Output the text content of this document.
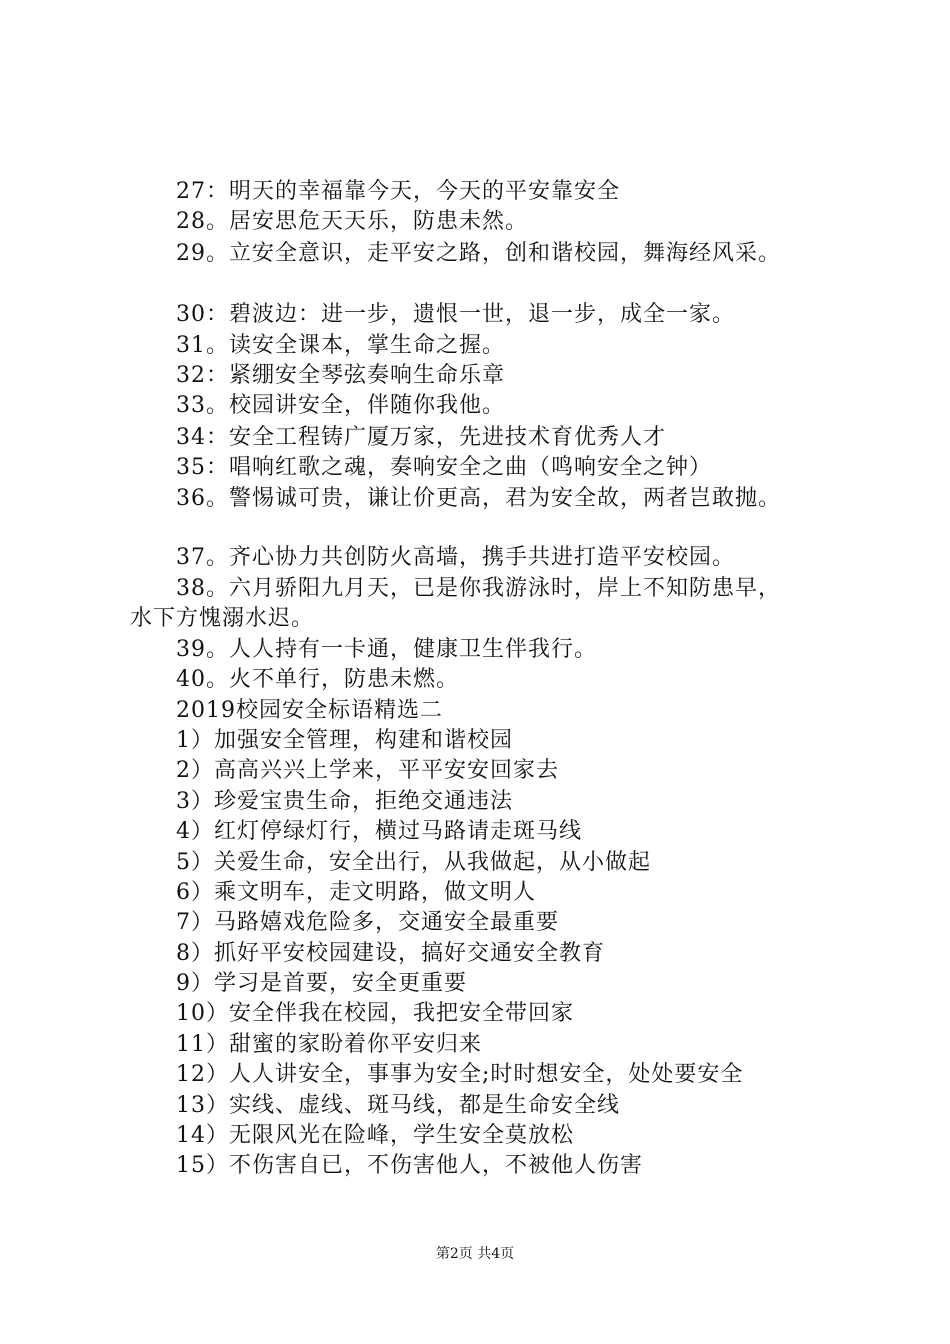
27：明天的幸福靠今天，今天的平安靠安全
28。居安思危天天乐，防患未然。
29。立安全意识，走平安之路，创和谐校园，舞海经风采。
30：碧波边：进一步，遗恨一世，退一步，成全一家。
31。读安全课本，掌生命之握。
32：紧绷安全琴弦奏响生命乐章
33。校园讲安全，伴随你我他。
34：安全工程铸广厦万家，先进技术育优秀人才
35：唱响红歌之魂，奏响安全之曲（鸣响安全之钟）
36。警惕诚可贵，谦让价更高，君为安全故，两者岂敢抛。
37。齐心协力共创防火高墙，携手共进打造平安校园。
38。六月骄阳九月天，已是你我游泳时，岸上不知防患早，
水下方愧溺水迟。
39。人人持有一卡通，健康卫生伴我行。
40。火不单行，防患未燃。
2019校园安全标语精选二
1）加强安全管理，构建和谐校园
2）高高兴兴上学来，平平安安回家去
3）珍爱宝贵生命，拒绝交通违法
4）红灯停绿灯行，横过马路请走斑马线
5）关爱生命，安全出行，从我做起，从小做起
6）乘文明车，走文明路，做文明人
7）马路嬉戏危险多，交通安全最重要
8）抓好平安校园建设，搞好交通安全教育
9）学习是首要，安全更重要
10）安全伴我在校园，我把安全带回家
11）甜蜜的家盼着你平安归来
12）人人讲安全，事事为安全;时时想安全，处处要安全
13）实线、虚线、斑马线，都是生命安全线
14）无限风光在险峰，学生安全莫放松
15）不伤害自已，不伤害他人，不被他人伤害
第2页 共4页
